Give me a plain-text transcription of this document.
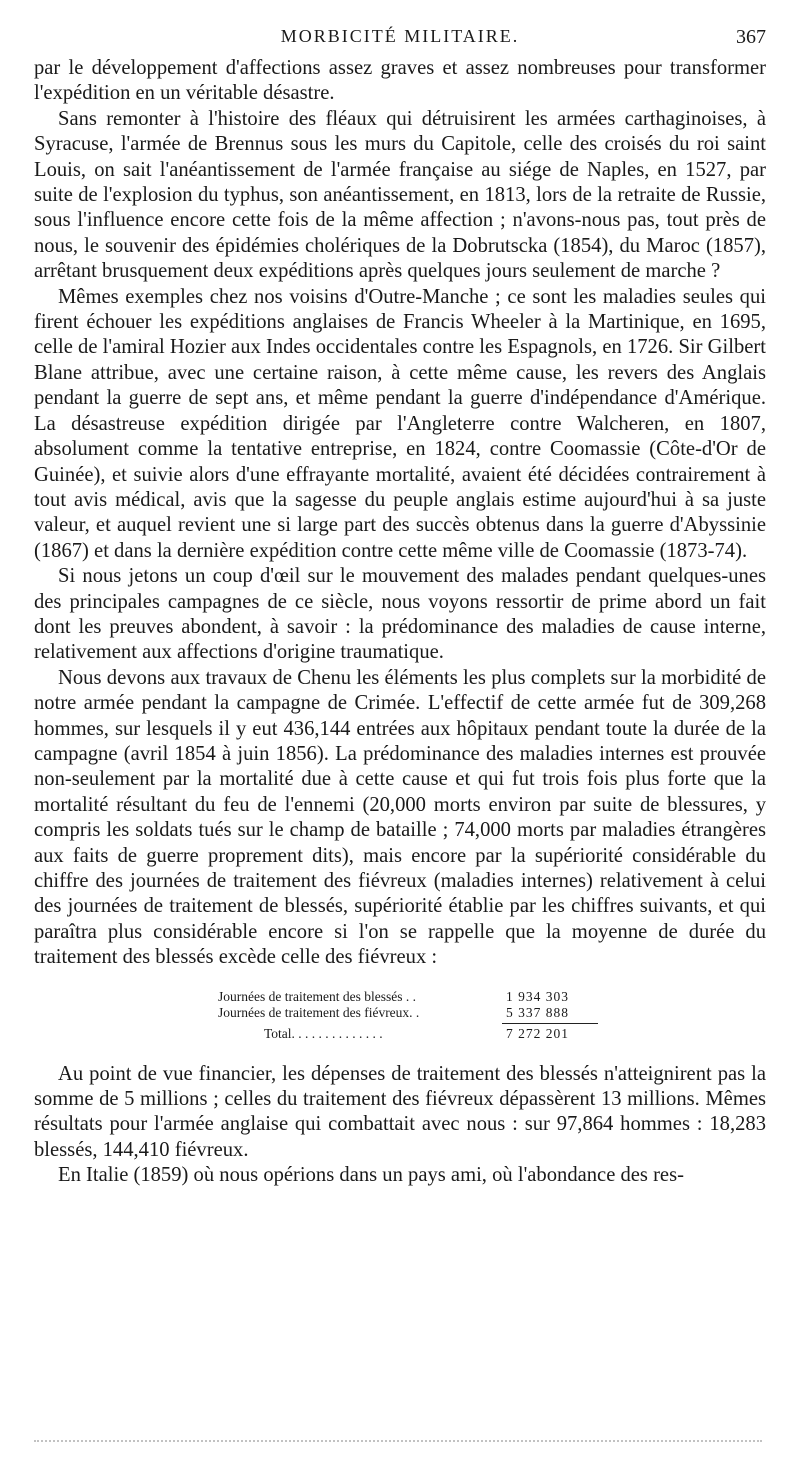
MORBICITÉ MILITAIRE.	367

par le développement d'affections assez graves et assez nombreuses pour transformer l'expédition en un véritable désastre.

Sans remonter à l'histoire des fléaux qui détruisirent les armées carthaginoises, à Syracuse, l'armée de Brennus sous les murs du Capitole, celle des croisés du roi saint Louis, on sait l'anéantissement de l'armée française au siége de Naples, en 1527, par suite de l'explosion du typhus, son anéantissement, en 1813, lors de la retraite de Russie, sous l'influence encore cette fois de la même affection ; n'avons-nous pas, tout près de nous, le souvenir des épidémies cholériques de la Dobrutscka (1854), du Maroc (1857), arrêtant brusquement deux expéditions après quelques jours seulement de marche ?

Mêmes exemples chez nos voisins d'Outre-Manche ; ce sont les maladies seules qui firent échouer les expéditions anglaises de Francis Wheeler à la Martinique, en 1695, celle de l'amiral Hozier aux Indes occidentales contre les Espagnols, en 1726. Sir Gilbert Blane attribue, avec une certaine raison, à cette même cause, les revers des Anglais pendant la guerre de sept ans, et même pendant la guerre d'indépendance d'Amérique. La désastreuse expédition dirigée par l'Angleterre contre Walcheren, en 1807, absolument comme la tentative entreprise, en 1824, contre Coomassie (Côte-d'Or de Guinée), et suivie alors d'une effrayante mortalité, avaient été décidées contrairement à tout avis médical, avis que la sagesse du peuple anglais estime aujourd'hui à sa juste valeur, et auquel revient une si large part des succès obtenus dans la guerre d'Abyssinie (1867) et dans la dernière expédition contre cette même ville de Coomassie (1873-74).

Si nous jetons un coup d'œil sur le mouvement des malades pendant quelques-unes des principales campagnes de ce siècle, nous voyons ressortir de prime abord un fait dont les preuves abondent, à savoir : la prédominance des maladies de cause interne, relativement aux affections d'origine traumatique.

Nous devons aux travaux de Chenu les éléments les plus complets sur la morbidité de notre armée pendant la campagne de Crimée. L'effectif de cette armée fut de 309,268 hommes, sur lesquels il y eut 436,144 entrées aux hôpitaux pendant toute la durée de la campagne (avril 1854 à juin 1856). La prédominance des maladies internes est prouvée non-seulement par la mortalité due à cette cause et qui fut trois fois plus forte que la mortalité résultant du feu de l'ennemi (20,000 morts environ par suite de blessures, y compris les soldats tués sur le champ de bataille ; 74,000 morts par maladies étrangères aux faits de guerre proprement dits), mais encore par la supériorité considérable du chiffre des journées de traitement des fiévreux (maladies internes) relativement à celui des journées de traitement de blessés, supériorité établie par les chiffres suivants, et qui paraîtra plus considérable encore si l'on se rappelle que la moyenne de durée du traitement des blessés excède celle des fiévreux :

Journées de traitement des blessés . .	1 934 303
Journées de traitement des fiévreux. .	5 337 888
Total. . . . . . . . . . . . . .	7 272 201

Au point de vue financier, les dépenses de traitement des blessés n'atteignirent pas la somme de 5 millions ; celles du traitement des fiévreux dépassèrent 13 millions. Mêmes résultats pour l'armée anglaise qui combattait avec nous : sur 97,864 hommes : 18,283 blessés, 144,410 fiévreux.

En Italie (1859) où nous opérions dans un pays ami, où l'abondance des res-
